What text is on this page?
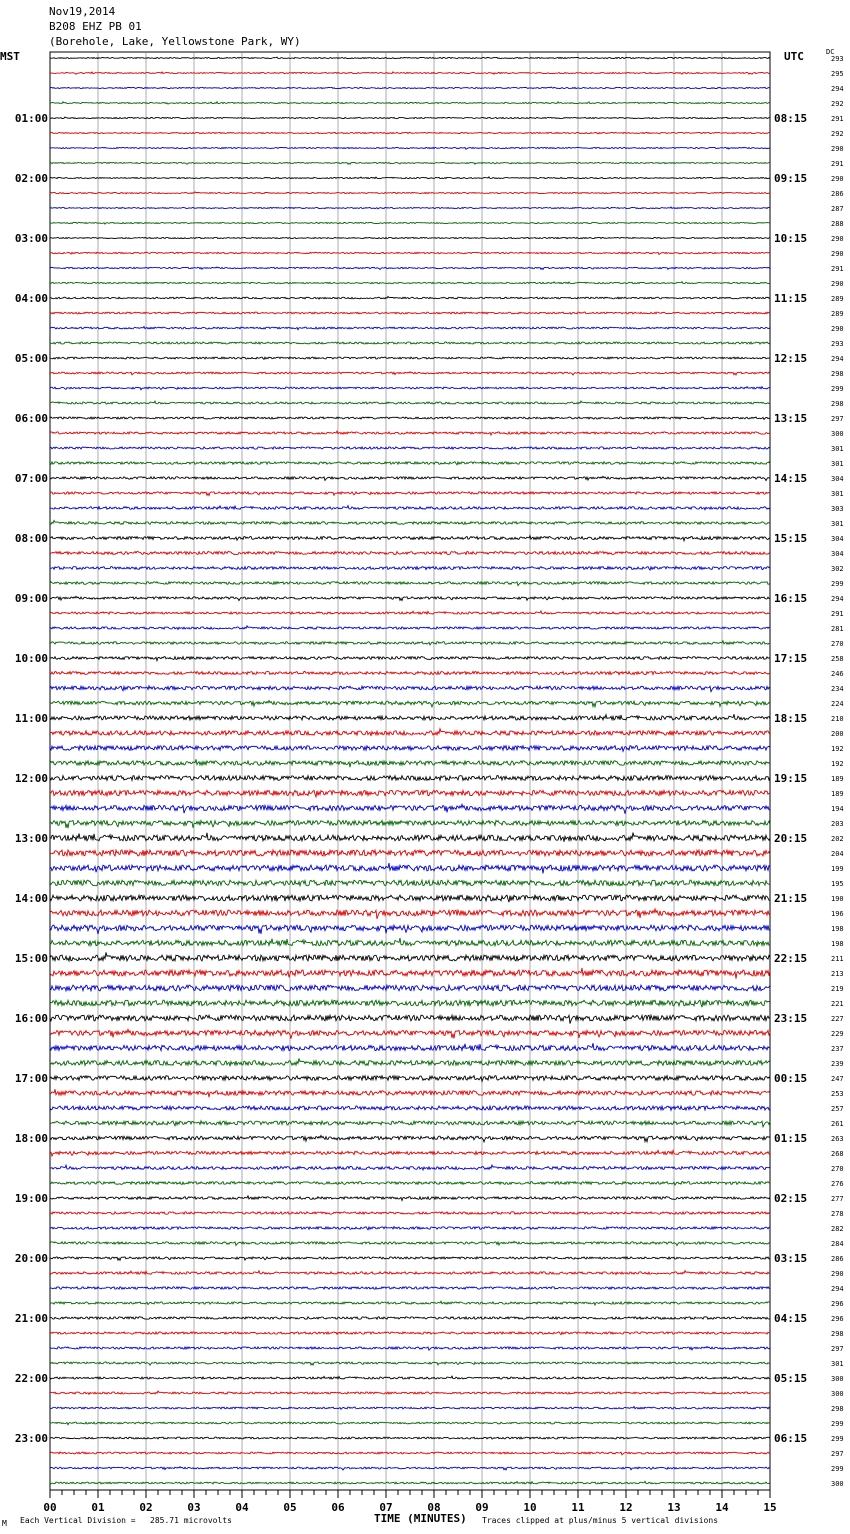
Nov19,2014
B208 EHZ PB 01
(Borehole, Lake, Yellowstone Park, WY)
MST	UTC	DC
01:00
02:00
03:00
04:00
05:00
06:00
07:00
08:00
09:00
10:00
11:00
12:00
13:00
14:00
15:00
16:00
17:00
18:00
19:00
20:00
21:00
22:00
23:00
08:15
09:15
10:15
11:15
12:15
13:15
14:15
15:15
16:15
17:15
18:15
19:15
20:15
21:15
22:15
23:15
00:15
01:15
02:15
03:15
04:15
05:15
06:15
293
295
294
292
291
292
290
291
290
286
287
288
290
290
291
290
289
289
290
293
294
298
299
298
297
300
301
301
304
301
303
301
304
304
302
299
294
291
281
270
258
246
234
224
210
200
192
192
189
189
194
203
202
204
199
195
190
196
198
198
211
213
219
221
227
229
237
239
247
253
257
261
263
268
270
276
277
278
282
284
286
290
294
296
296
298
297
301
300
300
298
299
299
297
299
300
00	01	02	03	04	05	06	07	08	09	10	11	12	13	14	15
M Each Vertical Division =   285.71 microvolts	TIME (MINUTES) Traces clipped at plus/minus 5 vertical divisions
